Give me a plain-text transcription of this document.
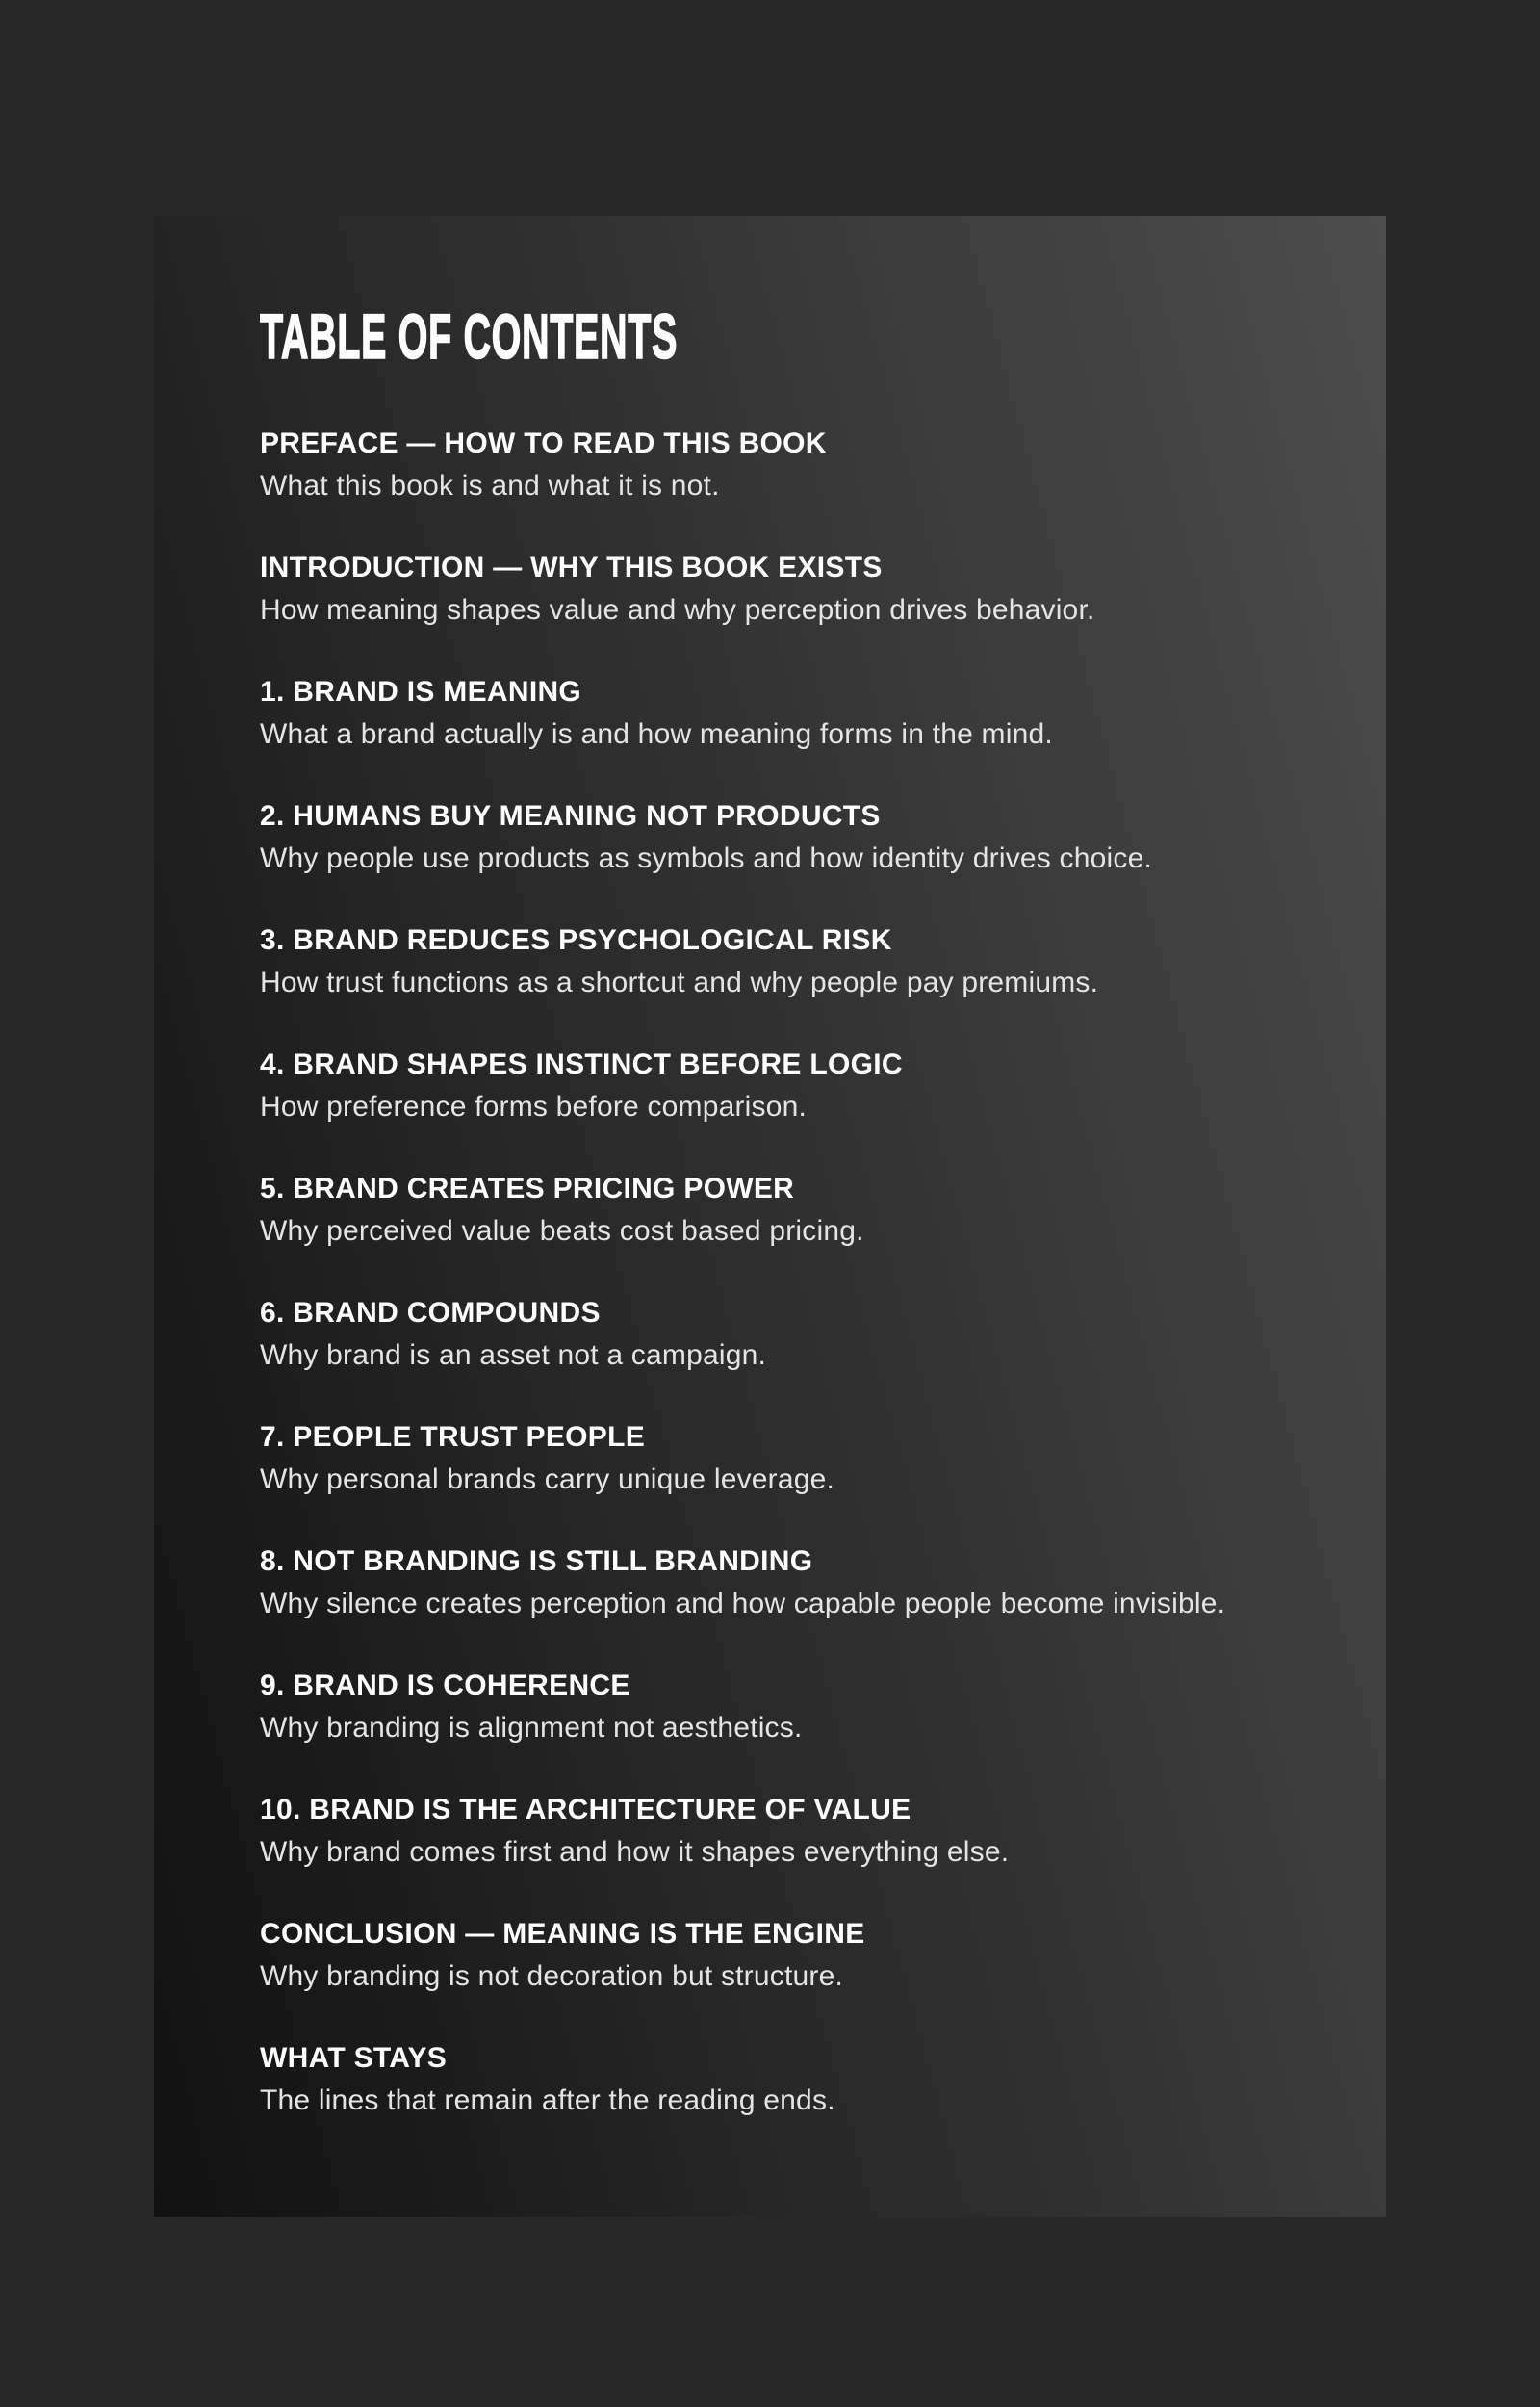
TABLE OF CONTENTS
PREFACE — HOW TO READ THIS BOOK

What this book is and what it is not.

INTRODUCTION — WHY THIS BOOK EXISTS

How meaning shapes value and why perception drives behavior.

1. BRAND IS MEANING

What a brand actually is and how meaning forms in the mind.

2. HUMANS BUY MEANING NOT PRODUCTS

Why people use products as symbols and how identity drives choice.

3. BRAND REDUCES PSYCHOLOGICAL RISK

How trust functions as a shortcut and why people pay premiums.

4. BRAND SHAPES INSTINCT BEFORE LOGIC

How preference forms before comparison.

5. BRAND CREATES PRICING POWER

Why perceived value beats cost based pricing.

6. BRAND COMPOUNDS

Why brand is an asset not a campaign.

7. PEOPLE TRUST PEOPLE

Why personal brands carry unique leverage.

8. NOT BRANDING IS STILL BRANDING

Why silence creates perception and how capable people become invisible.

9. BRAND IS COHERENCE

Why branding is alignment not aesthetics.

10. BRAND IS THE ARCHITECTURE OF VALUE

Why brand comes first and how it shapes everything else.

CONCLUSION — MEANING IS THE ENGINE

Why branding is not decoration but structure.

WHAT STAYS

The lines that remain after the reading ends.
